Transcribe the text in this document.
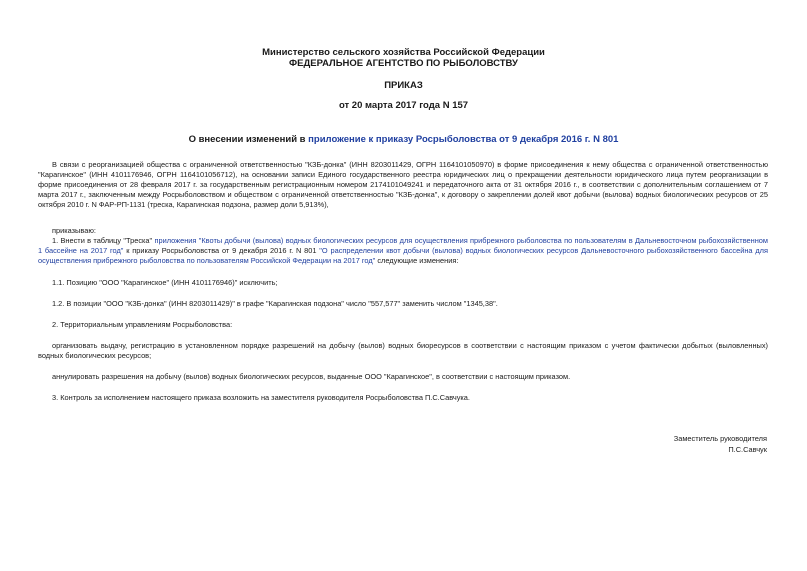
Министерство сельского хозяйства Российской Федерации
ФЕДЕРАЛЬНОЕ АГЕНТСТВО ПО РЫБОЛОВСТВУ
ПРИКАЗ
от 20 марта 2017 года N 157
О внесении изменений в приложение к приказу Росрыболовства от 9 декабря 2016 г. N 801
В связи с реорганизацией общества с ограниченной ответственностью "КЗБ-донка" (ИНН 8203011429, ОГРН 1164101050970) в форме присоединения к нему общества с ограниченной ответственностью "Карагинское" (ИНН 4101176946, ОГРН 1164101056712), на основании записи Единого государственного реестра юридических лиц о прекращении деятельности юридического лица путем реорганизации в форме присоединения от 28 февраля 2017 г. за государственным регистрационным номером 2174101049241 и передаточного акта от 31 октября 2016 г., в соответствии с дополнительным соглашением от 7 марта 2017 г., заключенным между Росрыболовством и обществом с ограниченной ответственностью "КЗБ-донка", к договору о закреплении долей квот добычи (вылова) водных биологических ресурсов от 25 октября 2010 г. N ФАР-РП-1131 (треска, Карагинская подзона, размер доли 5,913%),
приказываю:
1. Внести в таблицу "Треска" приложения "Квоты добычи (вылова) водных биологических ресурсов для осуществления прибрежного рыболовства по пользователям в Дальневосточном рыбохозяйственном 1 бассейне на 2017 год" к приказу Росрыболовства от 9 декабря 2016 г. N 801 "О распределении квот добычи (вылова) водных биологических ресурсов Дальневосточного рыбохозяйственного бассейна для осуществления прибрежного рыболовства по пользователям Российской Федерации на 2017 год" следующие изменения:
1.1. Позицию "ООО "Карагинское" (ИНН 4101176946)" исключить;
1.2. В позиции "ООО "КЗБ-донка" (ИНН 8203011429)" в графе "Карагинская подзона" число "557,577" заменить числом "1345,38".
2. Территориальным управлениям Росрыболовства:
организовать выдачу, регистрацию в установленном порядке разрешений на добычу (вылов) водных биоресурсов в соответствии с настоящим приказом с учетом фактически добытых (выловленных) водных биологических ресурсов;
аннулировать разрешения на добычу (вылов) водных биологических ресурсов, выданные ООО "Карагинское", в соответствии с настоящим приказом.
3. Контроль за исполнением настоящего приказа возложить на заместителя руководителя Росрыболовства П.С.Савчука.
Заместитель руководителя
П.С.Савчук
